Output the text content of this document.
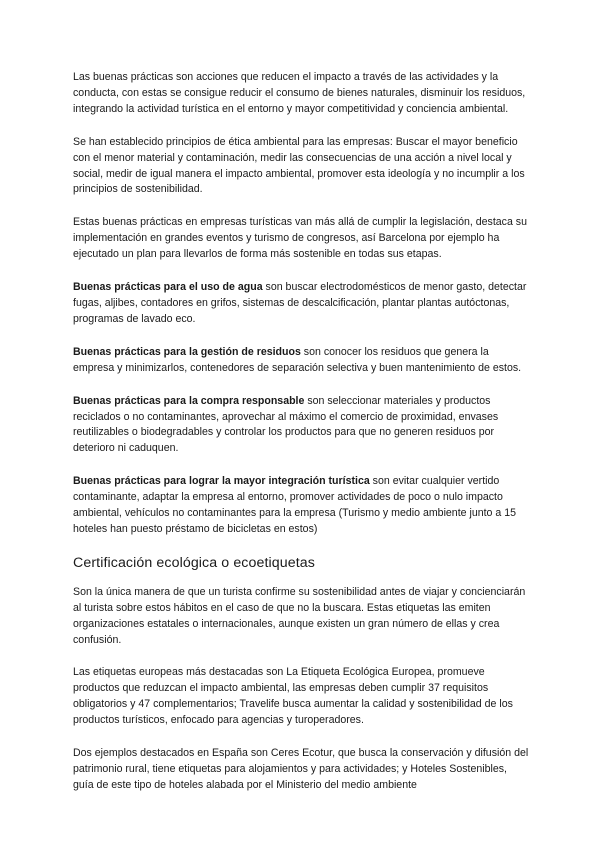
Las buenas prácticas son acciones que reducen el impacto a través de las actividades y la conducta, con estas se consigue reducir el consumo de bienes naturales, disminuir los residuos, integrando la actividad turística en el entorno y mayor competitividad y conciencia ambiental.

Se han establecido principios de ética ambiental para las empresas: Buscar el mayor beneficio con el menor material y contaminación, medir las consecuencias de una acción a nivel local y social, medir de igual manera el impacto ambiental, promover esta ideología y no incumplir a los principios de sostenibilidad.

Estas buenas prácticas en empresas turísticas van más allá de cumplir la legislación, destaca su implementación en grandes eventos y turismo de congresos, así Barcelona por ejemplo ha ejecutado un plan para llevarlos de forma más sostenible en todas sus etapas.

Buenas prácticas para el uso de agua son buscar electrodomésticos de menor gasto, detectar fugas, aljibes, contadores en grifos, sistemas de descalcificación, plantar plantas autóctonas, programas de lavado eco.

Buenas prácticas para la gestión de residuos son conocer los residuos que genera la empresa y minimizarlos, contenedores de separación selectiva y buen mantenimiento de estos.

Buenas prácticas para la compra responsable son seleccionar materiales y productos reciclados o no contaminantes, aprovechar al máximo el comercio de proximidad, envases reutilizables o biodegradables y controlar los productos para que no generen residuos por deterioro ni caduquen.

Buenas prácticas para lograr la mayor integración turística son evitar cualquier vertido contaminante, adaptar la empresa al entorno, promover actividades de poco o nulo impacto ambiental, vehículos no contaminantes para la empresa (Turismo y medio ambiente junto a 15 hoteles han puesto préstamo de bicicletas en estos)

Certificación ecológica o ecoetiquetas

Son la única manera de que un turista confirme su sostenibilidad antes de viajar y concienciarán al turista sobre estos hábitos en el caso de que no la buscara. Estas etiquetas las emiten organizaciones estatales o internacionales, aunque existen un gran número de ellas y crea confusión.

Las etiquetas europeas más destacadas son La Etiqueta Ecológica Europea, promueve productos que reduzcan el impacto ambiental, las empresas deben cumplir 37 requisitos obligatorios y 47 complementarios; Travelife busca aumentar la calidad y sostenibilidad de los productos turísticos, enfocado para agencias y turoperadores.

Dos ejemplos destacados en España son Ceres Ecotur, que busca la conservación y difusión del patrimonio rural, tiene etiquetas para alojamientos y para actividades; y Hoteles Sostenibles, guía de este tipo de hoteles alabada por el Ministerio del medio ambiente
